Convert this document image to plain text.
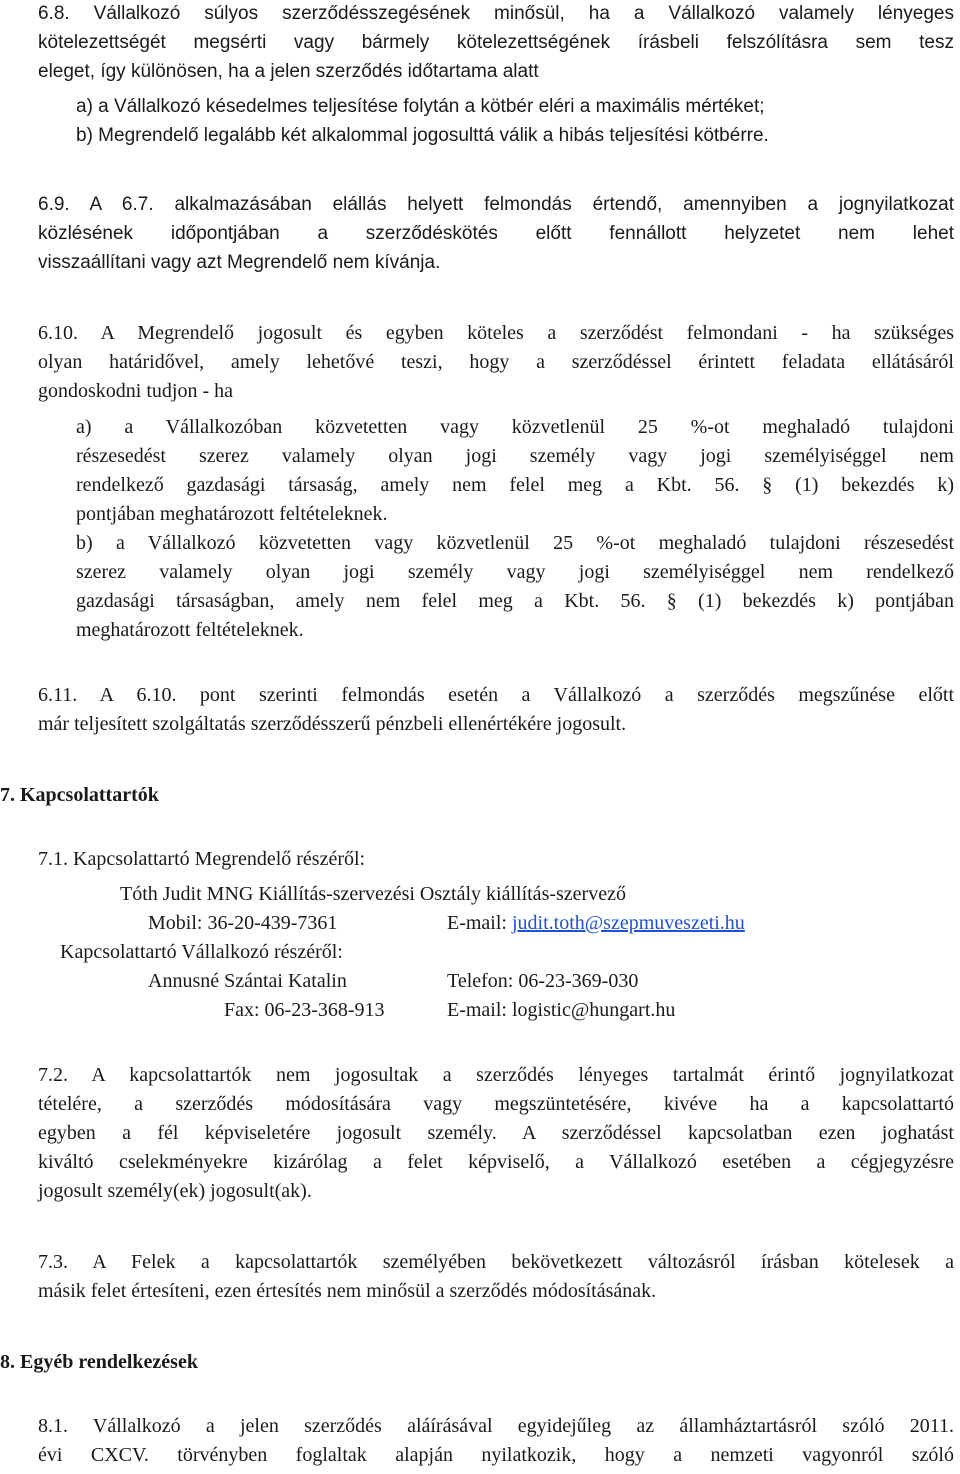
6.8. Vállalkozó súlyos szerződésszegésének minősül, ha a Vállalkozó valamely lényeges
kötelezettségét megsérti vagy bármely kötelezettségének írásbeli felszólításra sem tesz
eleget, így különösen, ha a jelen szerződés időtartama alatt
a) a Vállalkozó késedelmes teljesítése folytán a kötbér eléri a maximális mértéket;
b) Megrendelő legalább két alkalommal jogosulttá válik a hibás teljesítési kötbérre.
6.9. A 6.7. alkalmazásában elállás helyett felmondás értendő, amennyiben a jognyilatkozat
közlésének időpontjában a szerződéskötés előtt fennállott helyzetet nem lehet
visszaállítani vagy azt Megrendelő nem kívánja.
6.10. A Megrendelő jogosult és egyben köteles a szerződést felmondani - ha szükséges
olyan határidővel, amely lehetővé teszi, hogy a szerződéssel érintett feladata ellátásáról
gondoskodni tudjon - ha
a) a Vállalkozóban közvetetten vagy közvetlenül 25 %-ot meghaladó tulajdoni
részesedést szerez valamely olyan jogi személy vagy jogi személyiséggel nem
rendelkező gazdasági társaság, amely nem felel meg a Kbt. 56. § (1) bekezdés k)
pontjában meghatározott feltételeknek.
b) a Vállalkozó közvetetten vagy közvetlenül 25 %-ot meghaladó tulajdoni részesedést
szerez valamely olyan jogi személy vagy jogi személyiséggel nem rendelkező
gazdasági társaságban, amely nem felel meg a Kbt. 56. § (1) bekezdés k) pontjában
meghatározott feltételeknek.
6.11. A 6.10. pont szerinti felmondás esetén a Vállalkozó a szerződés megszűnése előtt
már teljesített szolgáltatás szerződésszerű pénzbeli ellenértékére jogosult.
7. Kapcsolattartók
7.1. Kapcsolattartó Megrendelő részéről:
Tóth Judit MNG Kiállítás-szervezési Osztály kiállítás-szervező
Mobil: 36-20-439-7361	E-mail: judit.toth@szepmuveszeti.hu
Kapcsolattartó Vállalkozó részéről:
Annusné Szántai Katalin	Telefon: 06-23-369-030
Fax: 06-23-368-913	E-mail: logistic@hungart.hu
7.2. A kapcsolattartók nem jogosultak a szerződés lényeges tartalmát érintő jognyilatkozat
tételére, a szerződés módosítására vagy megszüntetésére, kivéve ha a kapcsolattartó
egyben a fél képviseletére jogosult személy. A szerződéssel kapcsolatban ezen joghatást
kiváltó cselekményekre kizárólag a felet képviselő, a Vállalkozó esetében a cégjegyzésre
jogosult személy(ek) jogosult(ak).
7.3. A Felek a kapcsolattartók személyében bekövetkezett változásról írásban kötelesek a
másik felet értesíteni, ezen értesítés nem minősül a szerződés módosításának.
8. Egyéb rendelkezések
8.1. Vállalkozó a jelen szerződés aláírásával egyidejűleg az államháztartásról szóló 2011.
évi CXCV. törvényben foglaltak alapján nyilatkozik, hogy a nemzeti vagyonról szóló
